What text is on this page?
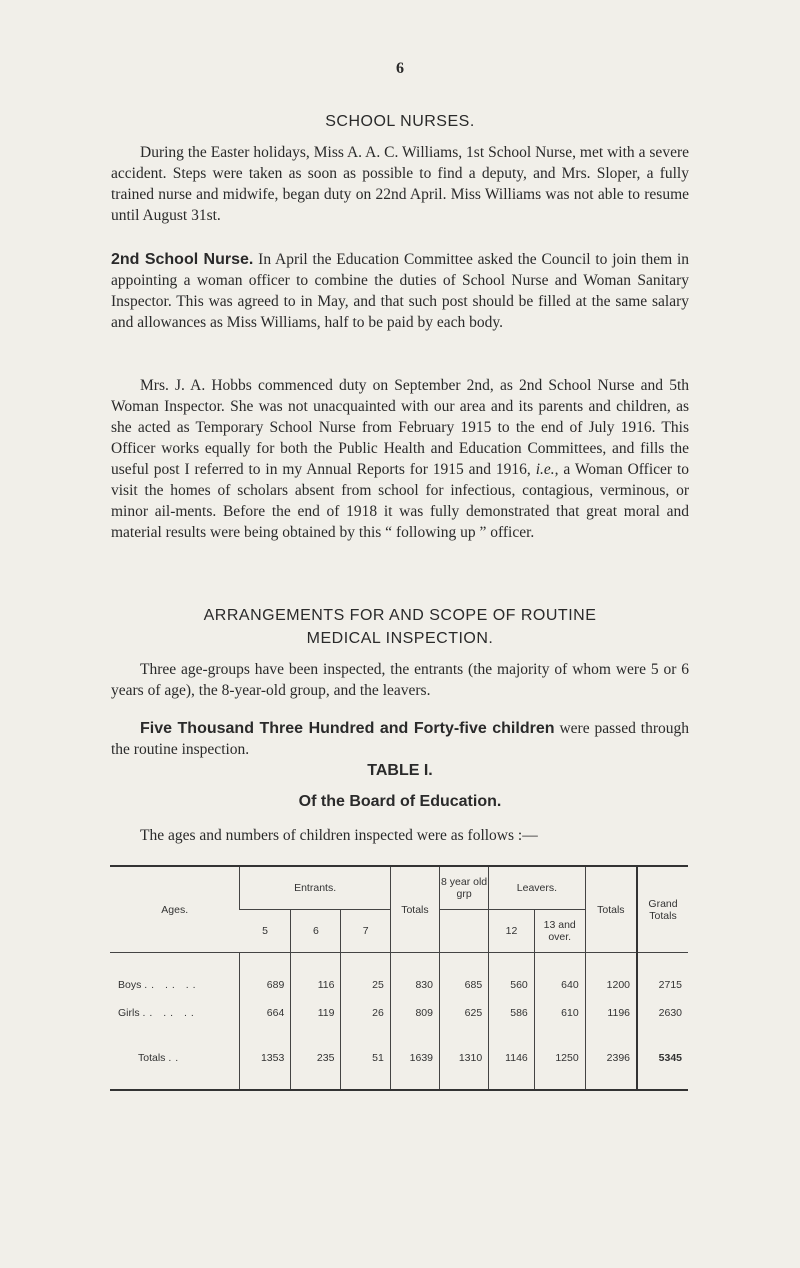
6
SCHOOL NURSES.

During the Easter holidays, Miss A. A. C. Williams, 1st School Nurse, met with a severe accident. Steps were taken as soon as possible to find a deputy, and Mrs. Sloper, a fully trained nurse and midwife, began duty on 22nd April. Miss Williams was not able to resume until August 31st.

2nd School Nurse. In April the Education Committee asked the Council to join them in appointing a woman officer to combine the duties of School Nurse and Woman Sanitary Inspector. This was agreed to in May, and that such post should be filled at the same salary and allowances as Miss Williams, half to be paid by each body.

Mrs. J. A. Hobbs commenced duty on September 2nd, as 2nd School Nurse and 5th Woman Inspector. She was not unacquainted with our area and its parents and children, as she acted as Temporary School Nurse from February 1915 to the end of July 1916. This Officer works equally for both the Public Health and Education Committees, and fills the useful post I referred to in my Annual Reports for 1915 and 1916, i.e., a Woman Officer to visit the homes of scholars absent from school for infectious, contagious, verminous, or minor ail-ments. Before the end of 1918 it was fully demonstrated that great moral and material results were being obtained by this “ following up ” officer.

ARRANGEMENTS FOR AND SCOPE OF ROUTINE
MEDICAL INSPECTION.

Three age-groups have been inspected, the entrants (the majority of whom were 5 or 6 years of age), the 8-year-old group, and the leavers.

Five Thousand Three Hundred and Forty-five children were passed through the routine inspection.

TABLE I.
Of the Board of Education.
The ages and numbers of children inspected were as follows :—
Ages.	Entrants.			Totals	8 year old grp	Leavers.		Totals	Grand Totals
	5	6	7			12	13 and over.		

Boys .. .. ..	689	116	25	830	685	560	640	1200	2715
Girls .. .. ..	664	119	26	809	625	586	610	1196	2630
Totals ..	1353	235	51	1639	1310	1146	1250	2396	5345
